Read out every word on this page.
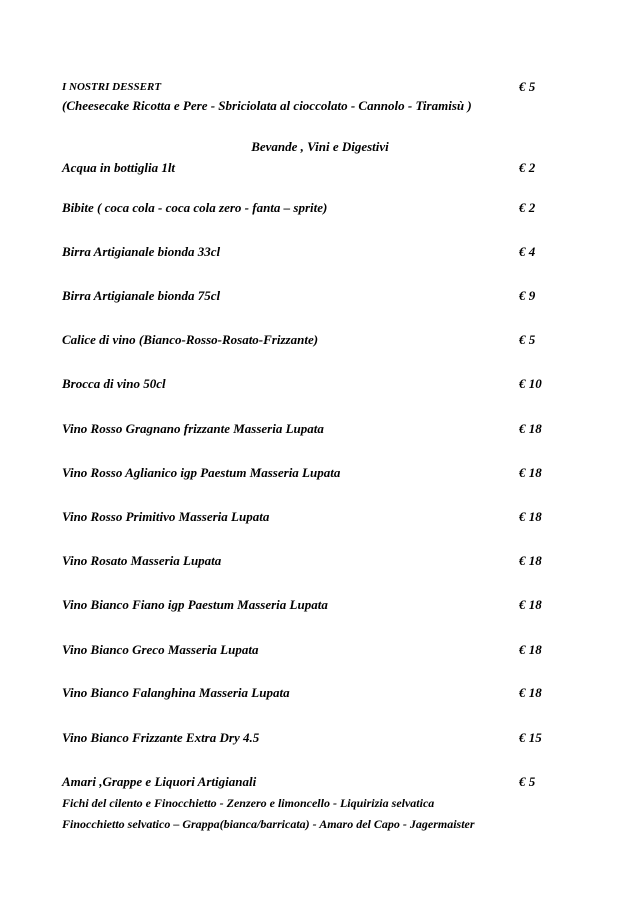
I NOSTRI DESSERT	€ 5
(Cheesecake Ricotta e Pere - Sbriciolata al cioccolato - Cannolo - Tiramisù )
Bevande , Vini e Digestivi
Acqua in bottiglia 1lt	€ 2
Bibite ( coca cola - coca cola zero - fanta – sprite)	€ 2
Birra Artigianale bionda 33cl	€ 4
Birra Artigianale bionda 75cl	€ 9
Calice di vino (Bianco-Rosso-Rosato-Frizzante)	€ 5
Brocca di vino 50cl	€ 10
Vino Rosso Gragnano frizzante Masseria Lupata	€ 18
Vino Rosso Aglianico igp Paestum Masseria Lupata	€ 18
Vino Rosso Primitivo Masseria Lupata	€ 18
Vino Rosato Masseria Lupata	€ 18
Vino Bianco Fiano igp Paestum Masseria Lupata	€ 18
Vino Bianco Greco Masseria Lupata	€ 18
Vino Bianco Falanghina Masseria Lupata	€ 18
Vino Bianco Frizzante Extra Dry 4.5	€ 15
Amari ,Grappe e Liquori Artigianali	€ 5
Fichi del cilento e Finocchietto - Zenzero e limoncello - Liquirizia selvatica
Finocchietto selvatico – Grappa(bianca/barricata) - Amaro del Capo - Jagermaister
